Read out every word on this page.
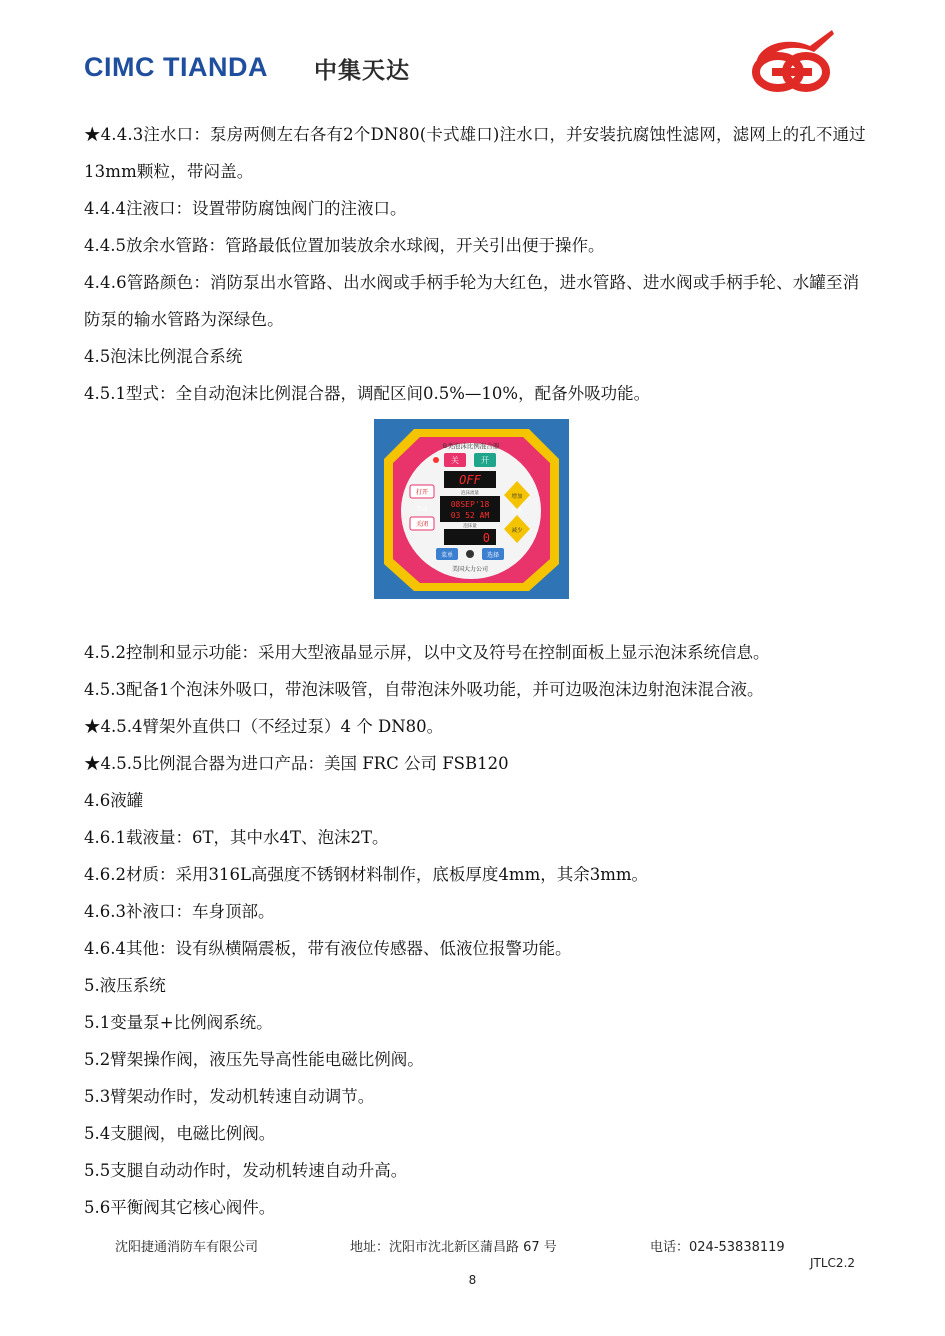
CIMC TIANDA 中集天达

★4.4.3注水口：泵房两侧左右各有2个DN80(卡式雄口)注水口，并安装抗腐蚀性滤网，滤网上的孔不通过13mm颗粒，带闷盖。

4.4.4注液口：设置带防腐蚀阀门的注液口。

4.4.5放余水管路：管路最低位置加装放余水球阀，开关引出便于操作。

4.4.6管路颜色：消防泵出水管路、出水阀或手柄手轮为大红色，进水管路、进水阀或手柄手轮、水罐至消防泵的输水管路为深绿色。

4.5泡沫比例混合系统

4.5.1型式：全自动泡沫比例混合器，调配区间0.5%—10%，配备外吸功能。

4.5.2控制和显示功能：采用大型液晶显示屏，以中文及符号在控制面板上显示泡沫系统信息。

4.5.3配备1个泡沫外吸口，带泡沫吸管，自带泡沫外吸功能，并可边吸泡沫边射泡沫混合液。

★4.5.4臂架外直供口（不经过泵）4 个 DN80。

★4.5.5比例混合器为进口产品：美国 FRC 公司 FSB120

4.6液罐

4.6.1载液量：6T，其中水4T、泡沫2T。

4.6.2材质：采用316L高强度不锈钢材料制作，底板厚度4mm，其余3mm。

4.6.3补液口：车身顶部。

4.6.4其他：设有纵横隔震板，带有液位传感器、低液位报警功能。

5.液压系统

5.1变量泵+比例阀系统。

5.2臂架操作阀，液压先导高性能电磁比例阀。

5.3臂架动作时，发动机转速自动调节。

5.4支腿阀，电磁比例阀。

5.5支腿自动动作时，发动机转速自动升高。

5.6平衡阀其它核心阀件。

B类泡沫比例混合器
关	开
OFF
泡沫流量
08SEP'18
03 52 AM
泡沫量
0
打开
手动
关闭
增加
比例
减少
菜单	选择
美国大力公司
沈阳捷通消防车有限公司	地址：沈阳市沈北新区蒲昌路 67 号	电话：024-53838119
JTLC2.2
8
